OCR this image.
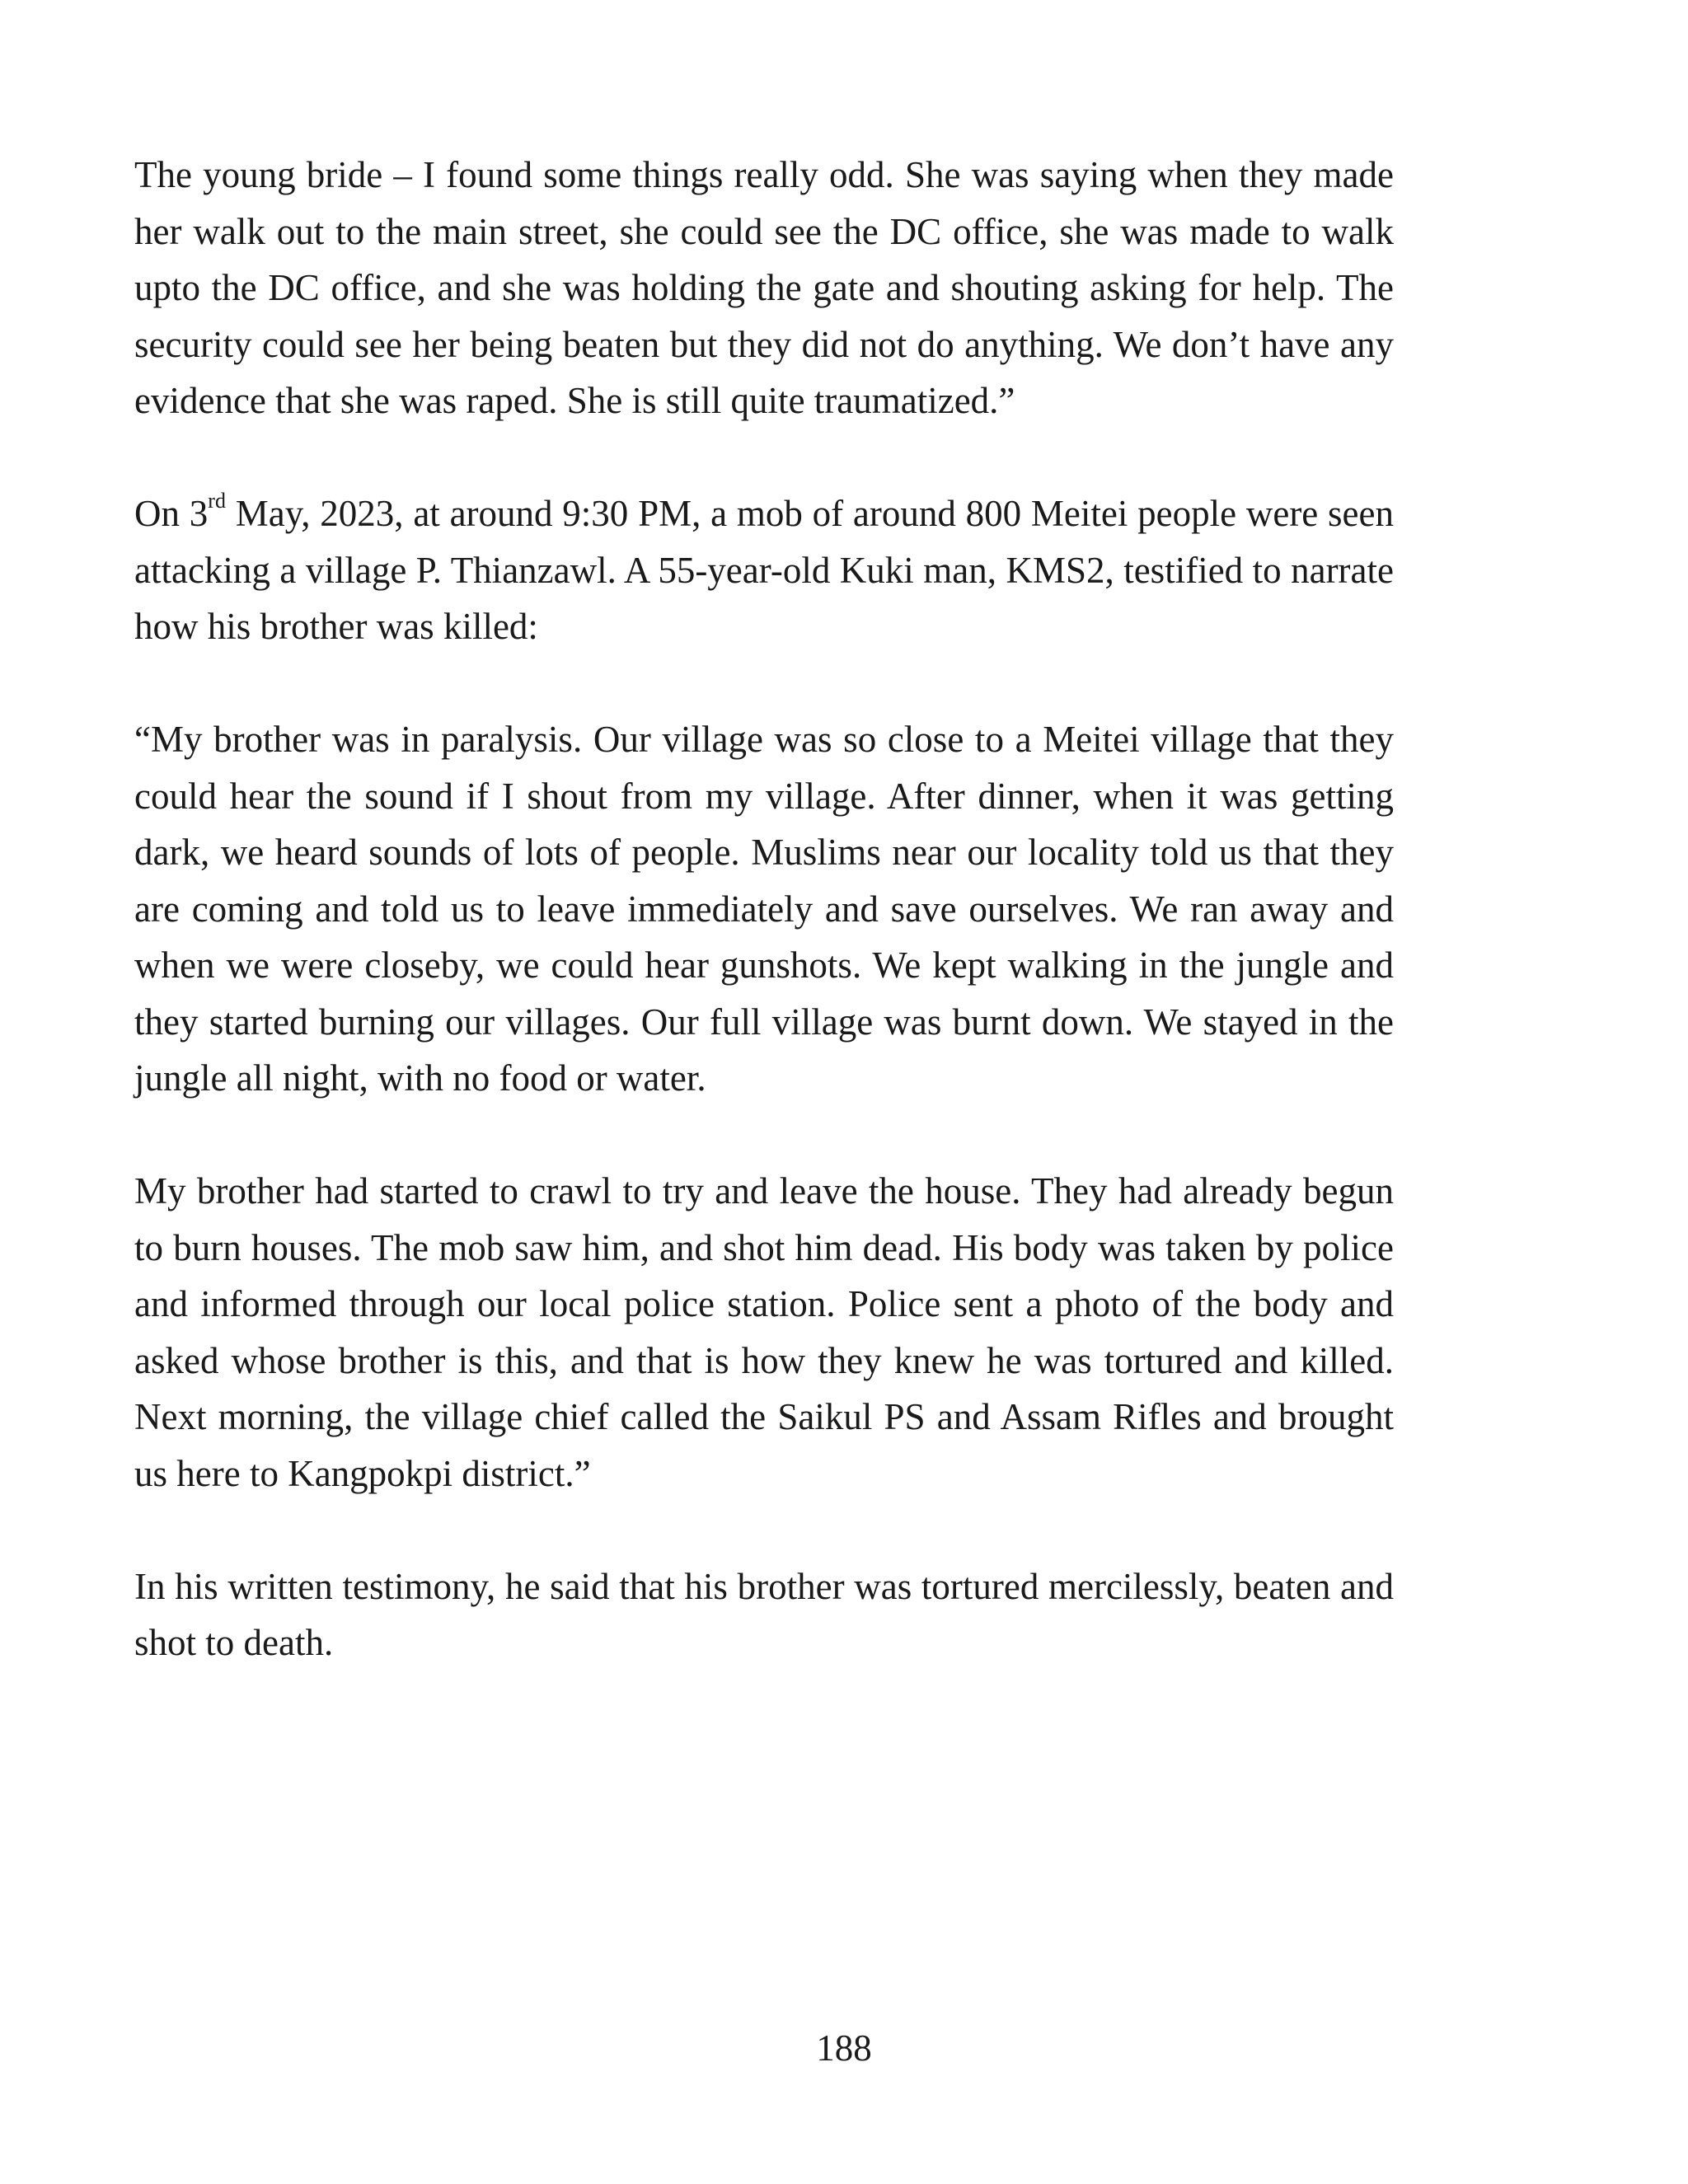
The young bride – I found some things really odd. She was saying when they made her walk out to the main street, she could see the DC office, she was made to walk upto the DC office, and she was holding the gate and shouting asking for help. The security could see her being beaten but they did not do anything. We don’t have any evidence that she was raped. She is still quite traumatized.”

On 3rd May, 2023, at around 9:30 PM, a mob of around 800 Meitei people were seen attacking a village P. Thianzawl. A 55-year-old Kuki man, KMS2, testified to narrate how his brother was killed:

“My brother was in paralysis. Our village was so close to a Meitei village that they could hear the sound if I shout from my village. After dinner, when it was getting dark, we heard sounds of lots of people. Muslims near our locality told us that they are coming and told us to leave immediately and save ourselves. We ran away and when we were closeby, we could hear gunshots. We kept walking in the jungle and they started burning our villages. Our full village was burnt down. We stayed in the jungle all night, with no food or water.

My brother had started to crawl to try and leave the house. They had already begun to burn houses. The mob saw him, and shot him dead. His body was taken by police and informed through our local police station. Police sent a photo of the body and asked whose brother is this, and that is how they knew he was tortured and killed. Next morning, the village chief called the Saikul PS and Assam Rifles and brought us here to Kangpokpi district.”

In his written testimony, he said that his brother was tortured mercilessly, beaten and shot to death.

188
